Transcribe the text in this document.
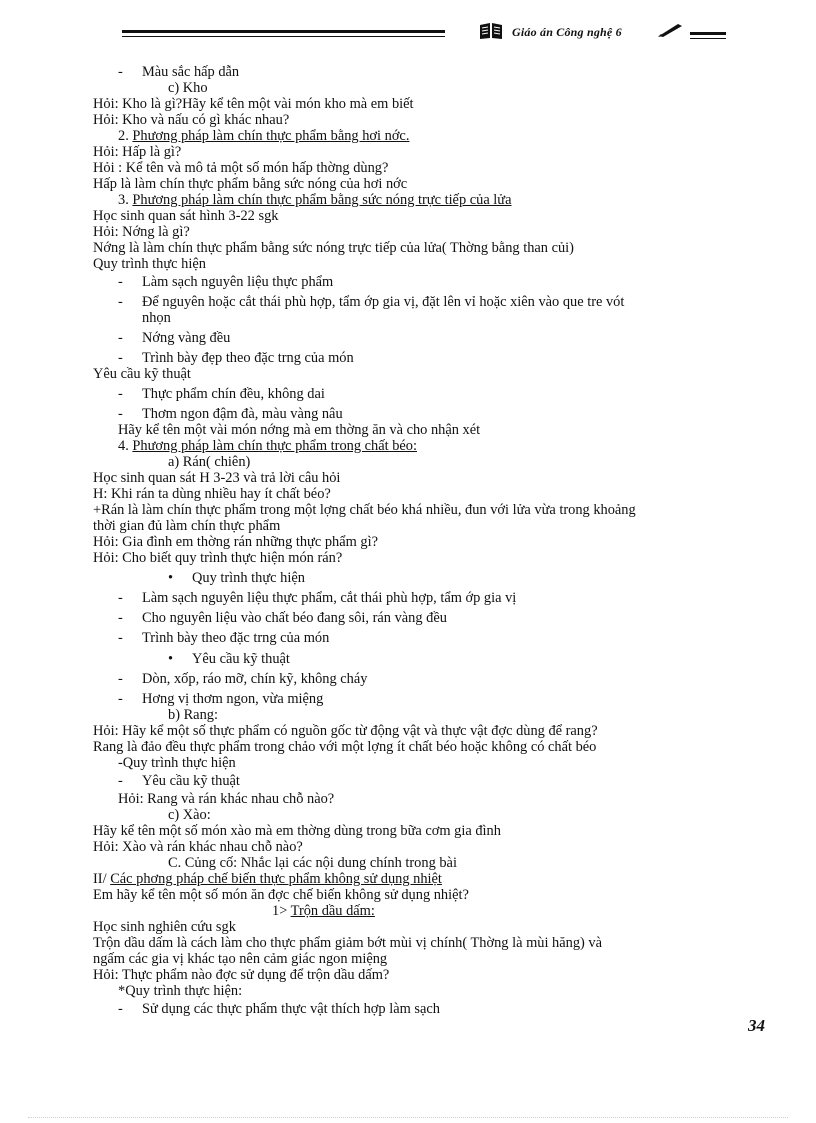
Giáo án Công nghệ 6
- Màu sắc hấp dẫn
c) Kho
Hỏi: Kho là gì?Hãy kể tên một vài món kho mà em biết
Hỏi: Kho và nấu có gì khác nhau?
2. Phương pháp làm chín thực phẩm bằng hơi nớc.
Hỏi: Hấp là gì?
Hỏi : Kể tên và mô tả một số món hấp thờng dùng?
Hấp là làm chín thực phẩm bằng sức nóng của hơi nớc
3. Phương pháp làm chín thực phẩm bằng sức nóng trực tiếp của lửa
Học sinh quan sát hình 3-22 sgk
Hỏi: Nớng là gì?
Nớng là làm chín thực phẩm bằng sức nóng trực tiếp của lửa( Thờng bằng than củi)
Quy trình thực hiện
- Làm sạch nguyên liệu thực phẩm
- Để nguyên hoặc cắt thái phù hợp, tẩm ớp gia vị, đặt lên vỉ hoặc xiên vào que tre vót
nhọn
- Nớng vàng đều
- Trình bày đẹp theo đặc trng của món
Yêu cầu kỹ thuật
- Thực phẩm chín đều, không dai
- Thơm ngon đậm đà, màu vàng nâu
Hãy kể tên một vài món nớng mà em thờng ăn và cho nhận xét
4. Phương pháp làm chín thực phẩm trong chất béo:
a) Rán( chiên)
Học sinh quan sát H 3-23 và trả lời câu hỏi
H: Khi rán ta dùng nhiều hay ít chất béo?
+Rán là làm chín thực phẩm trong một lợng chất béo khá nhiều, đun với lửa vừa trong khoảng
thời gian đủ làm chín thực phẩm
Hỏi: Gia đình em thờng rán những thực phẩm gì?
Hỏi: Cho biết quy trình thực hiện món rán?
• Quy trình thực hiện
- Làm sạch nguyên liệu thực phẩm, cắt thái phù hợp, tẩm ớp gia vị
- Cho nguyên liệu vào chất béo đang sôi, rán vàng đều
- Trình bày theo đặc trng của món
• Yêu cầu kỹ thuật
- Dòn, xốp, ráo mỡ, chín kỹ, không cháy
- Hơng vị thơm ngon, vừa miệng
b) Rang:
Hỏi: Hãy kể một số thực phẩm có nguồn gốc từ động vật và thực vật đợc dùng để rang?
Rang là đảo đều thực phẩm trong chảo với một lợng ít chất béo hoặc không có chất béo
-Quy trình thực hiện
- Yêu cầu kỹ thuật
Hỏi: Rang và rán khác nhau chỗ nào?
c) Xào:
Hãy kể tên một số món xào mà em thờng dùng trong bữa cơm gia đình
Hỏi: Xào và rán khác nhau chỗ nào?
C. Củng cố: Nhắc lại các nội dung chính trong bài
II/ Các phơng pháp chế biến thực phẩm không sử dụng nhiệt
Em hãy kể tên một số món ăn đợc chế biến không sử dụng nhiệt?
1> Trộn dầu dấm:
Học sinh nghiên cứu sgk
Trộn dầu dấm là cách làm cho thực phẩm giảm bớt mùi vị chính( Thờng là mùi hăng) và
ngấm các gia vị khác tạo nên cảm giác ngon miệng
Hỏi: Thực phẩm nào đợc sử dụng để trộn dầu dấm?
*Quy trình thực hiện:
- Sử dụng các thực phẩm thực vật thích hợp làm sạch
34
